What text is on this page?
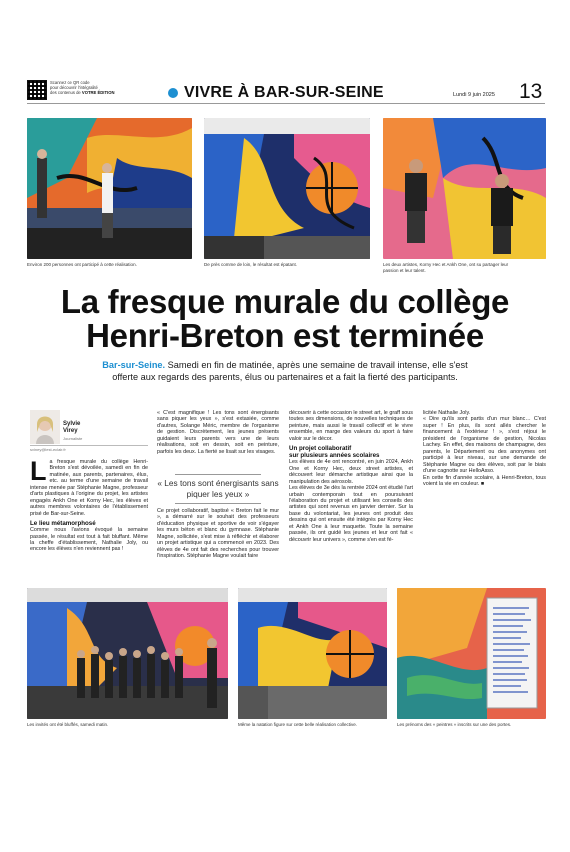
Scannez ce QR code
pour découvrir l'intégralité
des contenus de VOTRE ÉDITION	VIVRE À BAR-SUR-SEINE	Lundi 9 juin 2025 13
Environ 200 personnes ont participé à cette réalisation.	De près comme de loin, le résultat est épatant.	Les deux artistes, Korny Hec et Ankh One, ont su partager leur passion et leur talent.
La fresque murale du collège
Henri-Breton est terminée
Bar-sur-Seine. Samedi en fin de matinée, après une semaine de travail intense, elle s'est offerte aux regards des parents, élus ou partenaires et a fait la fierté des participants.
Sylvie
Virey
Journaliste
sviney@lest-eclair.fr

La fresque murale du collège Henri-Breton s'est dévoilée, samedi en fin de matinée, aux parents, partenaires, élus, etc. au terme d'une semaine de travail intense menée par Stéphanie Magne, professeur d'arts plastiques à l'origine du projet, les artistes engagés Ankh One et Korny Hec, les élèves et autres membres volontaires de l'établissement prisé de Bar-sur-Seine.

Le lieu métamorphosé

Comme nous l'avions évoqué la semaine passée, le résultat est tout à fait bluffant. Même la cheffe d'établissement, Nathalie Joly, ou encore les élèves n'en reviennent pas !

« C'est magnifique ! Les tons sont énergisants sans piquer les yeux », s'est extasiée, comme d'autres, Solange Méric, membre de l'organisme de gestion. Discrètement, les jeunes présents guidaient leurs parents vers une de leurs réalisations, soit en dessin, soit en peinture, parfois les deux. La fierté se lisait sur les visages.

« Les tons sont énergisants sans piquer les yeux »

Ce projet collaboratif, baptisé « Breton fait le mur », a démarré sur le souhait des professeurs d'éducation physique et sportive de voir s'égayer les murs béton et blanc du gymnase. Stéphanie Magne, sollicitée, s'est mise à réfléchir et élaborer un projet artistique qui a commencé en 2023. Des élèves de 4e ont fait des recherches pour trouver l'inspiration. Stéphanie Magne voulait faire

découvrir à cette occasion le street art, le graff sous toutes ses dimensions, de nouvelles techniques de peinture, mais aussi le travail collectif et le vivre ensemble, en marge des valeurs du sport à faire valoir sur le décor.

Un projet collaboratif

sur plusieurs années scolaires

Les élèves de 4e ont rencontré, en juin 2024, Ankh One et Korny Hec, deux street artistes, et découvert leur démarche artistique ainsi que la manipulation des aérosols.

Les élèves de 3e dès la rentrée 2024 ont étudié l'art urbain contemporain tout en poursuivant l'élaboration du projet et utilisant les conseils des artistes qui sont revenus en janvier dernier. Sur la base du volontariat, les jeunes ont produit des dessins qui ont ensuite été intégrés par Korny Hec et Ankh One à leur maquette. Toute la semaine passée, ils ont guidé les jeunes et leur ont fait « découvrir leur univers », comme s'en est fé-

licitée Nathalie Joly.

« Dire qu'ils sont partis d'un mur blanc… C'est super ! En plus, ils sont allés chercher le financement à l'extérieur ! », s'est réjoui le président de l'organisme de gestion, Nicolas Lachey. En effet, des maisons de champagne, des parents, le Département ou des anonymes ont participé à leur niveau, sur une demande de Stéphanie Magne ou des élèves, soit par le biais d'une cagnotte sur HelloAsso.

En cette fin d'année scolaire, à Henri-Breton, tous voient la vie en couleur. ■

Les invités ont été bluffés, samedi matin.	Même la natation figure sur cette belle réalisation collective.	Les prénoms des « peintres » inscrits sur une des portes.
